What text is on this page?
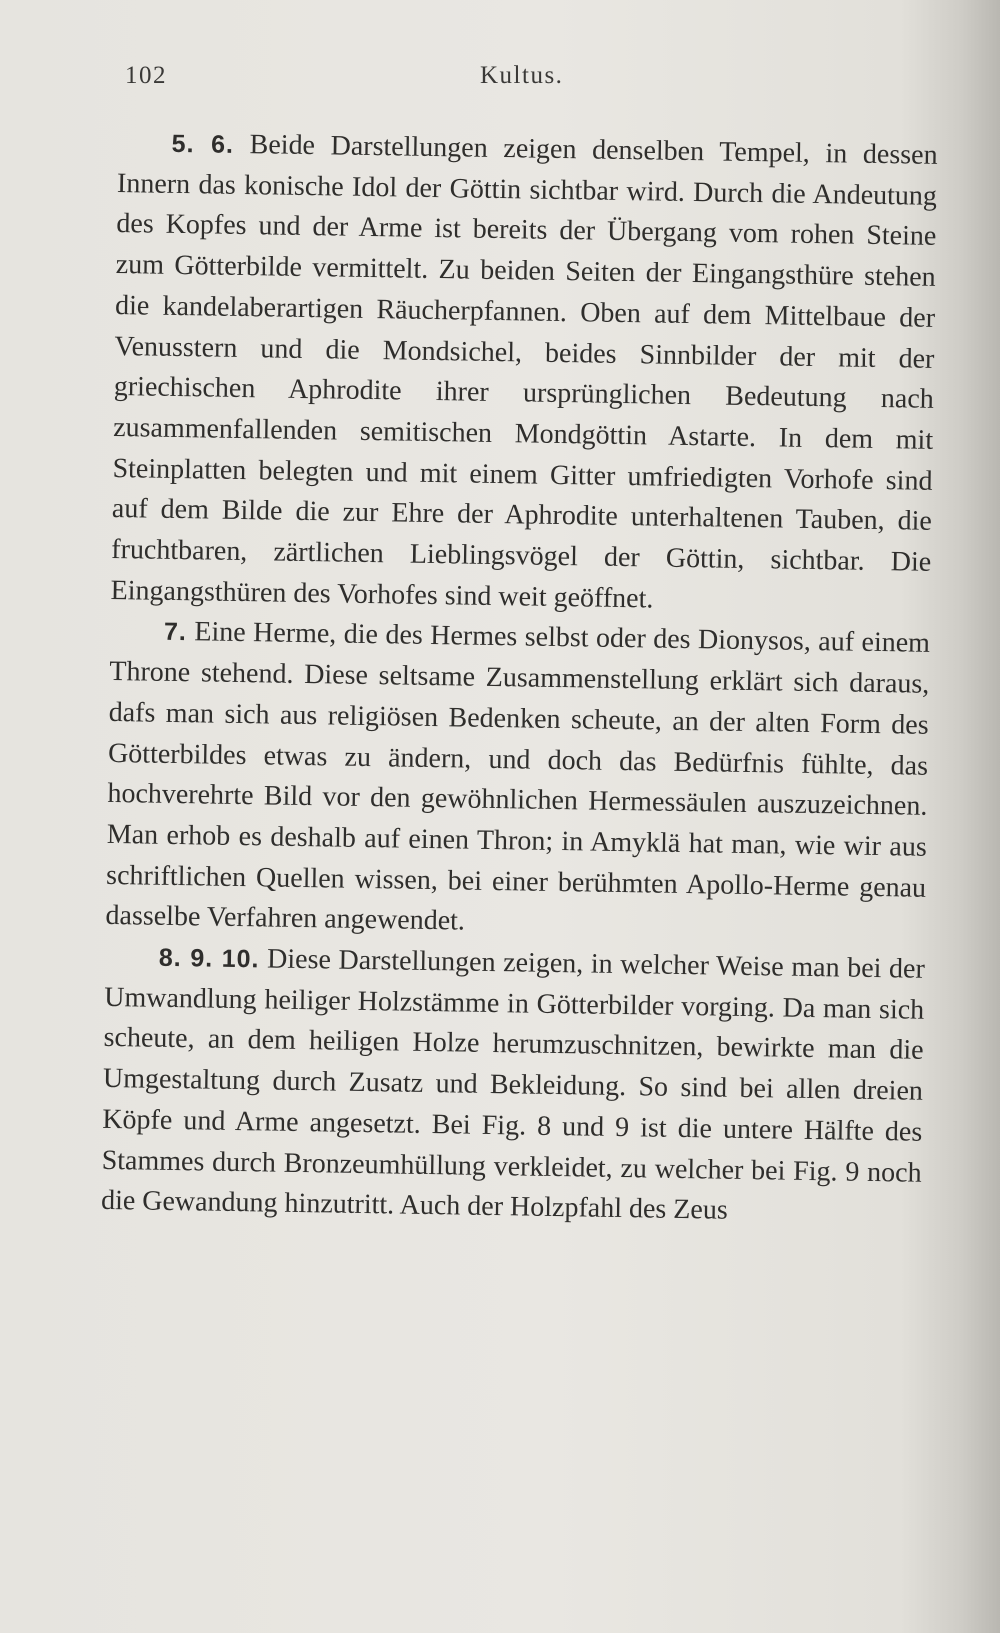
102	Kultus.

5. 6. Beide Darstellungen zeigen denselben Tempel, in dessen Innern das konische Idol der Göttin sichtbar wird. Durch die Andeutung des Kopfes und der Arme ist bereits der Übergang vom rohen Steine zum Götterbilde vermittelt. Zu beiden Seiten der Eingangsthüre stehen die kandelaberartigen Räucherpfannen. Oben auf dem Mittelbaue der Venusstern und die Mondsichel, beides Sinnbilder der mit der griechischen Aphrodite ihrer ursprünglichen Bedeutung nach zusammenfallenden semitischen Mondgöttin Astarte. In dem mit Steinplatten belegten und mit einem Gitter umfriedigten Vorhofe sind auf dem Bilde die zur Ehre der Aphrodite unterhaltenen Tauben, die fruchtbaren, zärtlichen Lieblingsvögel der Göttin, sichtbar. Die Eingangsthüren des Vorhofes sind weit geöffnet.

7. Eine Herme, die des Hermes selbst oder des Dionysos, auf einem Throne stehend. Diese seltsame Zusammenstellung erklärt sich daraus, dafs man sich aus religiösen Bedenken scheute, an der alten Form des Götterbildes etwas zu ändern, und doch das Bedürfnis fühlte, das hochverehrte Bild vor den gewöhnlichen Hermessäulen auszuzeichnen. Man erhob es deshalb auf einen Thron; in Amyklä hat man, wie wir aus schriftlichen Quellen wissen, bei einer berühmten Apollo-Herme genau dasselbe Verfahren angewendet.

8. 9. 10. Diese Darstellungen zeigen, in welcher Weise man bei der Umwandlung heiliger Holzstämme in Götterbilder vorging. Da man sich scheute, an dem heiligen Holze herumzuschnitzen, bewirkte man die Umgestaltung durch Zusatz und Bekleidung. So sind bei allen dreien Köpfe und Arme angesetzt. Bei Fig. 8 und 9 ist die untere Hälfte des Stammes durch Bronzeumhüllung verkleidet, zu welcher bei Fig. 9 noch die Gewandung hinzutritt. Auch der Holzpfahl des Zeus
